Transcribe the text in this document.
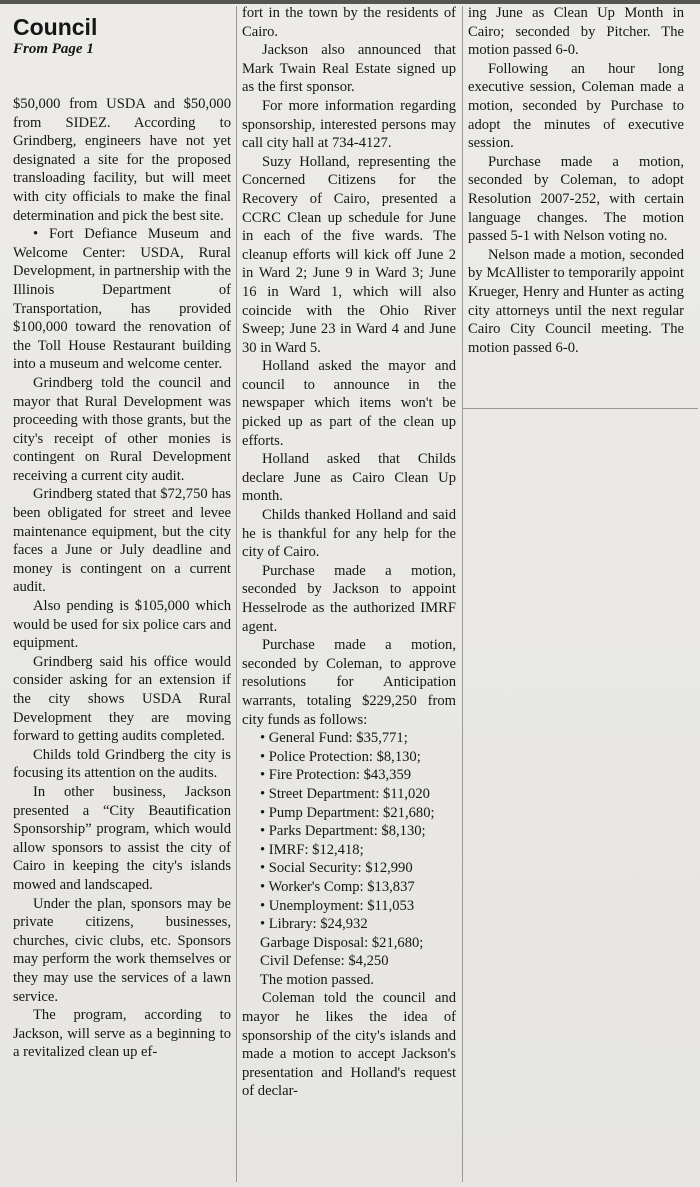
Council
From Page 1

$50,000 from USDA and $50,000 from SIDEZ. According to Grindberg, engineers have not yet designated a site for the proposed transloading facility, but will meet with city officials to make the final determination and pick the best site.

• Fort Defiance Museum and Welcome Center: USDA, Rural Development, in partnership with the Illinois Department of Transportation, has provided $100,000 toward the renovation of the Toll House Restaurant building into a museum and welcome center.

Grindberg told the council and mayor that Rural Development was proceeding with those grants, but the city's receipt of other monies is contingent on Rural Development receiving a current city audit.

Grindberg stated that $72,750 has been obligated for street and levee maintenance equipment, but the city faces a June or July deadline and money is contingent on a current audit.

Also pending is $105,000 which would be used for six police cars and equipment.

Grindberg said his office would consider asking for an extension if the city shows USDA Rural Development they are moving forward to getting audits completed.

Childs told Grindberg the city is focusing its attention on the audits.

In other business, Jackson presented a “City Beautification Sponsorship” program, which would allow sponsors to assist the city of Cairo in keeping the city's islands mowed and landscaped.

Under the plan, sponsors may be private citizens, businesses, churches, civic clubs, etc. Sponsors may perform the work themselves or they may use the services of a lawn service.

The program, according to Jackson, will serve as a beginning to a revitalized clean up ef-

fort in the town by the residents of Cairo.

Jackson also announced that Mark Twain Real Estate signed up as the first sponsor.

For more information regarding sponsorship, interested persons may call city hall at 734-4127.

Suzy Holland, representing the Concerned Citizens for the Recovery of Cairo, presented a CCRC Clean up schedule for June in each of the five wards. The cleanup efforts will kick off June 2 in Ward 2; June 9 in Ward 3; June 16 in Ward 1, which will also coincide with the Ohio River Sweep; June 23 in Ward 4 and June 30 in Ward 5.

Holland asked the mayor and council to announce in the newspaper which items won't be picked up as part of the clean up efforts.

Holland asked that Childs declare June as Cairo Clean Up month.

Childs thanked Holland and said he is thankful for any help for the city of Cairo.

Purchase made a motion, seconded by Jackson to appoint Hesselrode as the authorized IMRF agent.

Purchase made a motion, seconded by Coleman, to approve resolutions for Anticipation warrants, totaling $229,250 from city funds as follows:

• General Fund: $35,771;

• Police Protection: $8,130;

• Fire Protection: $43,359

• Street Department: $11,020

• Pump Department: $21,680;

• Parks Department: $8,130;

• IMRF: $12,418;

• Social Security: $12,990

• Worker's Comp: $13,837

• Unemployment: $11,053

• Library: $24,932

Garbage Disposal: $21,680;

Civil Defense: $4,250

The motion passed.

Coleman told the council and mayor he likes the idea of sponsorship of the city's islands and made a motion to accept Jackson's presentation and Holland's request of declar-

ing June as Clean Up Month in Cairo; seconded by Pitcher. The motion passed 6-0.

Following an hour long executive session, Coleman made a motion, seconded by Purchase to adopt the minutes of executive session.

Purchase made a motion, seconded by Coleman, to adopt Resolution 2007-252, with certain language changes. The motion passed 5-1 with Nelson voting no.

Nelson made a motion, seconded by McAllister to temporarily appoint Krueger, Henry and Hunter as acting city attorneys until the next regular Cairo City Council meeting. The motion passed 6-0.
